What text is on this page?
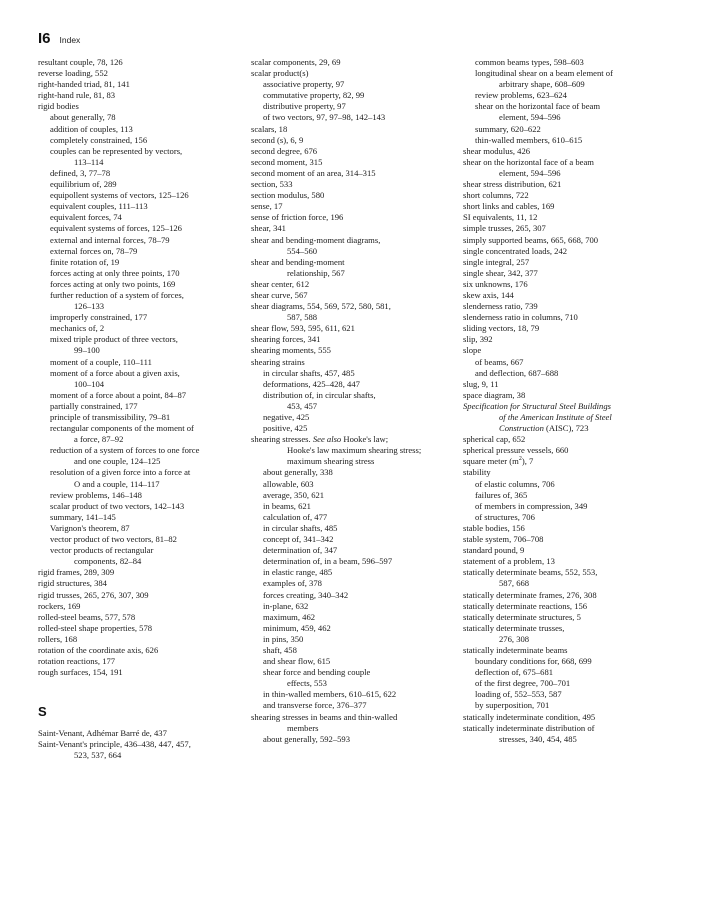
I6 Index
resultant couple, 78, 126
reverse loading, 552
right-handed triad, 81, 141
right-hand rule, 81, 83
rigid bodies
about generally, 78
addition of couples, 113
completely constrained, 156
couples can be represented by vectors,
113–114
defined, 3, 77–78
equilibrium of, 289
equipollent systems of vectors, 125–126
equivalent couples, 111–113
equivalent forces, 74
equivalent systems of forces, 125–126
external and internal forces, 78–79
external forces on, 78–79
finite rotation of, 19
forces acting at only three points, 170
forces acting at only two points, 169
further reduction of a system of forces,
126–133
improperly constrained, 177
mechanics of, 2
mixed triple product of three vectors,
99–100
moment of a couple, 110–111
moment of a force about a given axis,
100–104
moment of a force about a point, 84–87
partially constrained, 177
principle of transmissibility, 79–81
rectangular components of the moment of
a force, 87–92
reduction of a system of forces to one force
and one couple, 124–125
resolution of a given force into a force at
O and a couple, 114–117
review problems, 146–148
scalar product of two vectors, 142–143
summary, 141–145
Varignon's theorem, 87
vector product of two vectors, 81–82
vector products of rectangular
components, 82–84
rigid frames, 289, 309
rigid structures, 384
rigid trusses, 265, 276, 307, 309
rockers, 169
rolled-steel beams, 577, 578
rolled-steel shape properties, 578
rollers, 168
rotation of the coordinate axis, 626
rotation reactions, 177
rough surfaces, 154, 191
S
Saint-Venant, Adhémar Barré de, 437
Saint-Venant's principle, 436–438, 447, 457,
523, 537, 664
scalar components, 29, 69
scalar product(s)
associative property, 97
commutative property, 82, 99
distributive property, 97
of two vectors, 97, 97–98, 142–143
scalars, 18
second (s), 6, 9
second degree, 676
second moment, 315
second moment of an area, 314–315
section, 533
section modulus, 580
sense, 17
sense of friction force, 196
shear, 341
shear and bending-moment diagrams,
554–560
shear and bending-moment
relationship, 567
shear center, 612
shear curve, 567
shear diagrams, 554, 569, 572, 580, 581,
587, 588
shear flow, 593, 595, 611, 621
shearing forces, 341
shearing moments, 555
shearing strains
in circular shafts, 457, 485
deformations, 425–428, 447
distribution of, in circular shafts,
453, 457
negative, 425
positive, 425
shearing stresses. See also Hooke's law;
Hooke's law maximum shearing stress;
maximum shearing stress
about generally, 338
allowable, 603
average, 350, 621
in beams, 621
calculation of, 477
in circular shafts, 485
concept of, 341–342
determination of, 347
determination of, in a beam, 596–597
in elastic range, 485
examples of, 378
forces creating, 340–342
in-plane, 632
maximum, 462
minimum, 459, 462
in pins, 350
shaft, 458
and shear flow, 615
shear force and bending couple
effects, 553
in thin-walled members, 610–615, 622
and transverse force, 376–377
shearing stresses in beams and thin-walled
members
about generally, 592–593
common beams types, 598–603
longitudinal shear on a beam element of
arbitrary shape, 608–609
review problems, 623–624
shear on the horizontal face of beam
element, 594–596
summary, 620–622
thin-walled members, 610–615
shear modulus, 426
shear on the horizontal face of a beam
element, 594–596
shear stress distribution, 621
short columns, 722
short links and cables, 169
SI equivalents, 11, 12
simple trusses, 265, 307
simply supported beams, 665, 668, 700
single concentrated loads, 242
single integral, 257
single shear, 342, 377
six unknowns, 176
skew axis, 144
slenderness ratio, 739
slenderness ratio in columns, 710
sliding vectors, 18, 79
slip, 392
slope
of beams, 667
and deflection, 687–688
slug, 9, 11
space diagram, 38
Specification for Structural Steel Buildings
of the American Institute of Steel
Construction (AISC), 723
spherical cap, 652
spherical pressure vessels, 660
square meter $(m^2)$, 7
stability
of elastic columns, 706
failures of, 365
of members in compression, 349
of structures, 706
stable bodies, 156
stable system, 706–708
standard pound, 9
statement of a problem, 13
statically determinate beams, 552, 553,
587, 668
statically determinate frames, 276, 308
statically determinate reactions, 156
statically determinate structures, 5
statically determinate trusses,
276, 308
statically indeterminate beams
boundary conditions for, 668, 699
deflection of, 675–681
of the first degree, 700–701
loading of, 552–553, 587
by superposition, 701
statically indeterminate condition, 495
statically indeterminate distribution of
stresses, 340, 454, 485
